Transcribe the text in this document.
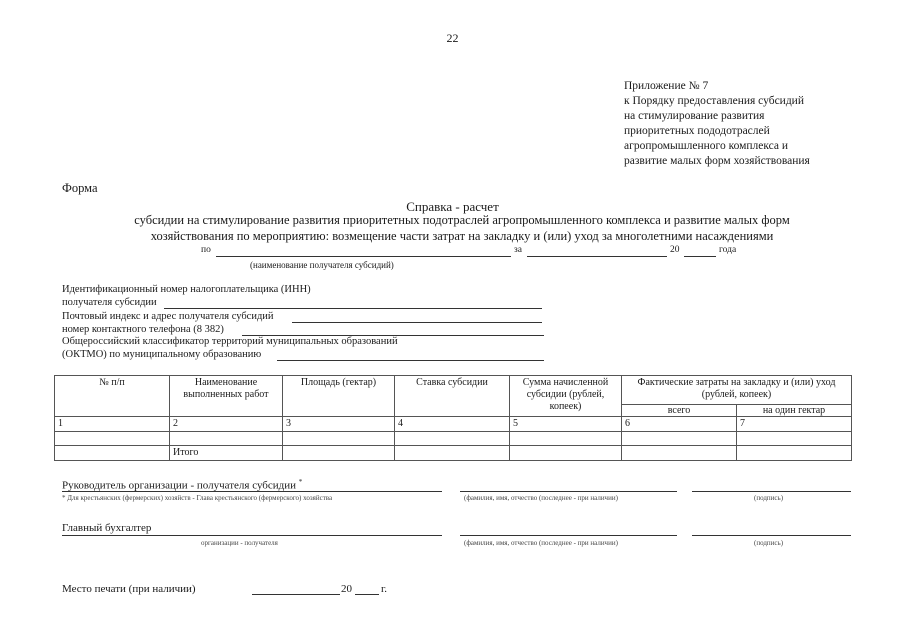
22
Приложение № 7
к Порядку предоставления субсидий
на стимулирование развития
приоритетных пододотраслей
агропромышленного комплекса и
развитие малых форм хозяйствования
Форма
Справка - расчет
субсидии на стимулирование развития приоритетных подотраслей агропромышленного комплекса и развитие малых форм
хозяйствования по мероприятию: возмещение части затрат на закладку и (или) уход за многолетними насаждениями
по	за	20	года
(наименование получателя субсидий)
Идентификационный номер налогоплательщика (ИНН)
получателя субсидии
Почтовый индекс и адрес получателя субсидий
номер контактного телефона (8 382)
Общероссийский классификатор территорий муниципальных образований
(ОКТМО) по муниципальному образованию
№ п/п	Наименование выполненных работ	Площадь (гектар)	Ставка субсидии	Сумма начисленной субсидии (рублей, копеек)	Фактические затраты на закладку и (или) уход (рублей, копеек)	
					всего	на один гектар
1	2	3	4	5	6	7

	Итого					
Руководитель организации - получателя субсидии *
* Для крестьянских (фермерских) хозяйств - Глава крестьянского (фермерского) хозяйства	(фамилия, имя, отчество (последнее - при наличии)	(подпись)
Главный бухгалтер
организации - получателя	(фамилия, имя, отчество (последнее - при наличии)	(подпись)
Место печати (при наличии)	20	г.
